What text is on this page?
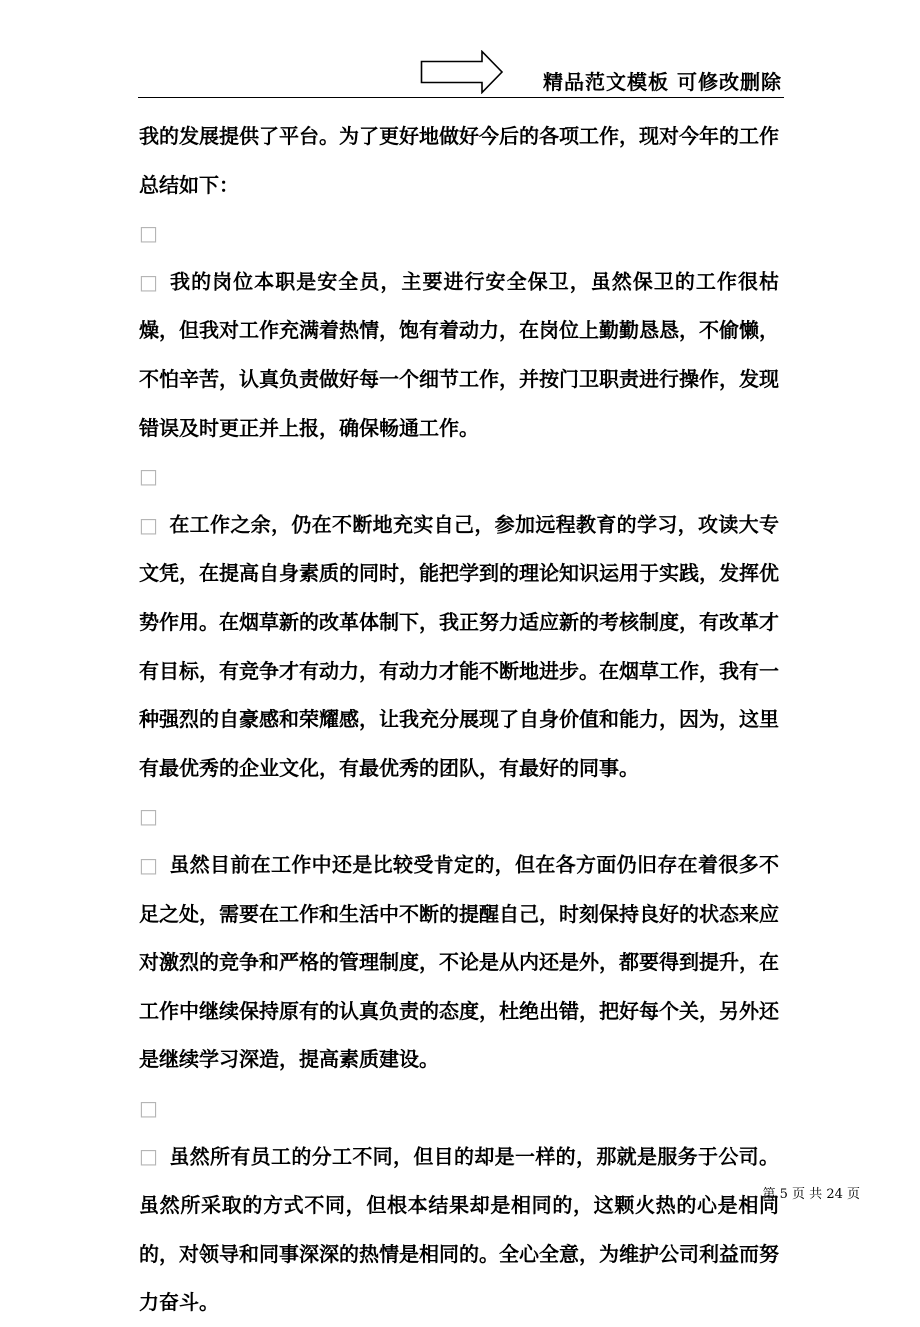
精品范文模板 可修改删除

我的发展提供了平台。为了更好地做好今后的各项工作，现对今年的工作总结如下：

□□ 我的岗位本职是安全员，主要进行安全保卫，虽然保卫的工作很枯燥，但我对工作充满着热情，饱有着动力，在岗位上勤勤恳恳，不偷懒，不怕辛苦，认真负责做好每一个细节工作，并按门卫职责进行操作，发现错误及时更正并上报，确保畅通工作。

□□ 在工作之余，仍在不断地充实自己，参加远程教育的学习，攻读大专文凭，在提高自身素质的同时，能把学到的理论知识运用于实践，发挥优势作用。在烟草新的改革体制下，我正努力适应新的考核制度，有改革才有目标，有竞争才有动力，有动力才能不断地进步。在烟草工作，我有一种强烈的自豪感和荣耀感，让我充分展现了自身价值和能力，因为，这里有最优秀的企业文化，有最优秀的团队，有最好的同事。

□□ 虽然目前在工作中还是比较受肯定的，但在各方面仍旧存在着很多不足之处，需要在工作和生活中不断的提醒自己，时刻保持良好的状态来应对激烈的竞争和严格的管理制度，不论是从内还是外，都要得到提升，在工作中继续保持原有的认真负责的态度，杜绝出错，把好每个关，另外还是继续学习深造，提高素质建设。

□□ 虽然所有员工的分工不同，但目的却是一样的，那就是服务于公司。虽然所采取的方式不同，但根本结果却是相同的，这颗火热的心是相同的，对领导和同事深深的热情是相同的。全心全意，为维护公司利益而努力奋斗。

第 5 页 共 24 页
